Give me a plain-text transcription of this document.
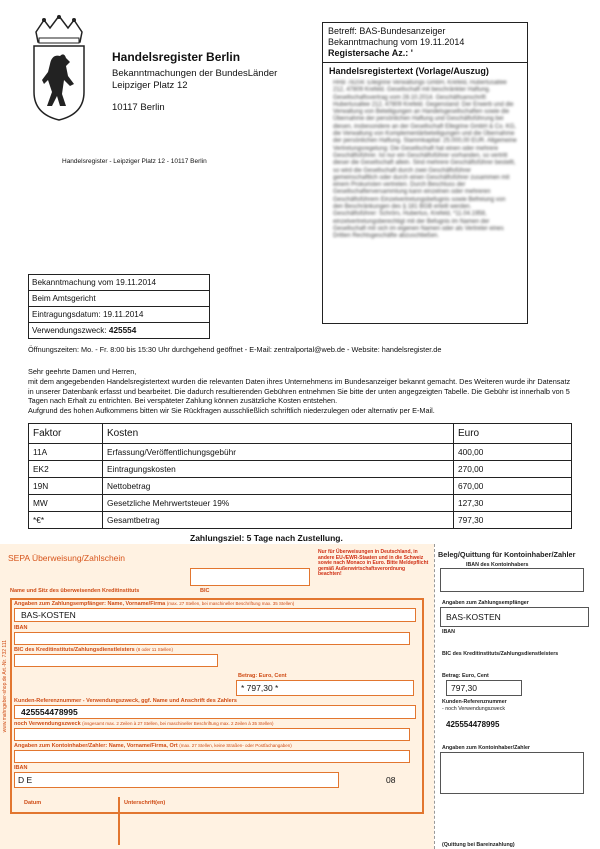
Handelsregister Berlin
Bekanntmachungen der BundesLänder
Leipziger Platz 12
10117 Berlin
Handelsregister - Leipziger Platz 12 - 10117 Berlin
Betreff: BAS-Bundesanzeiger
Bekanntmachung vom 19.11.2014
Registersache Az.: '
Handelsregistertext (Vorlage/Auszug)
HRB 78204: Ellegrine Verwaltungs GmbH, Krefeld, Hubertusallee 212, 47809 Krefeld. Gesellschaft mit beschränkter Haftung. Gesellschaftsvertrag vom 28.10.2014. Geschäftsanschrift: Hubertusallee 212, 47809 Krefeld. Gegenstand: Der Erwerb und die Verwaltung von Beteiligungen an Handelsgesellschaften sowie die Übernahme der persönlichen Haftung und Geschäftsführung bei diesen, insbesondere an der Gesellschaft Ellegrine GmbH & Co. KG, die Verwaltung von Komplementärbeteiligungen und die Übernahme der persönlichen Haftung. Stammkapital: 25.000,00 EUR. Allgemeine Vertretungsregelung: Die Gesellschaft hat einen oder mehrere Geschäftsführer. Ist nur ein Geschäftsführer vorhanden, so vertritt dieser die Gesellschaft allein. Sind mehrere Geschäftsführer bestellt, so wird die Gesellschaft durch zwei Geschäftsführer gemeinschaftlich oder durch einen Geschäftsführer zusammen mit einem Prokuristen vertreten. Durch Beschluss der Gesellschafterversammlung kann einzelnen oder mehreren Geschäftsführern Einzelvertretungsbefugnis sowie Befreiung von den Beschränkungen des § 181 BGB erteilt werden. Geschäftsführer: Schrörs, Hubertus, Krefeld, *11.04.1958, einzelvertretungsberechtigt mit der Befugnis im Namen der Gesellschaft mit sich im eigenen Namen oder als Vertreter eines Dritten Rechtsgeschäfte abzuschließen.
Bekanntmachung vom 19.11.2014
Beim Amtsgericht
Eintragungsdatum: 19.11.2014
Verwendungszweck: 425554
Öffnungszeiten: Mo. - Fr. 8:00 bis 15:30 Uhr durchgehend geöffnet - E-Mail: zentralportal@web.de - Website: handelsregister.de
Sehr geehrte Damen und Herren,
mit dem angegebenden Handelsregistertext wurden die relevanten Daten ihres Unternehmens im Bundesanzeiger bekannt gemacht. Des Weiteren wurde ihr Datensatz in unserer Datenbank erfasst und bearbeitet. Die dadurch resultierenden Gebühren entnehmen Sie bitte der unten angegzeigten Tabelle. Die Gebühr ist innerhalb von 5 Tagen nach Erhalt zu entrichten. Bei verspäteter Zahlung können zusätzliche Kosten entstehen.
Aufgrund des hohen Aufkommens bitten wir Sie Rückfragen ausschließlich schriftlich niederzulegen oder alternativ per E-Mail.
Faktor	Kosten	Euro
11A	Erfassung/Veröffentlichungsgebühr	400,00
EK2	Eintragungskosten	270,00
19N	Nettobetrag	670,00
MW	Gesetzliche Mehrwertsteuer 19%	127,30
*€*	Gesamtbetrag	797,30
Zahlungsziel: 5 Tage nach Zustellung.
SEPA Überweisung/Zahlschein
Name und Sitz des überweisenden Kreditinstituts	BIC
Nur für Überweisungen in Deutschland, in andere EU-/EWR-Staaten und in die Schweiz sowie nach Monaco in Euro. Bitte Meldepflicht gemäß Außenwirtschaftsverordnung beachten!
www.mahngeber-shop.de Art.-Nr. 732 111
Angaben zum Zahlungsempfänger: Name, Vorname/Firma (max. 27 Stellen, bei maschineller Beschriftung max. 35 Stellen)
BAS-KOSTEN
IBAN
BIC des Kreditinstituts/Zahlungsdienstleisters (8 oder 11 Stellen)
Betrag: Euro, Cent
* 797,30 *
Kunden-Referenznummer - Verwendungszweck, ggf. Name und Anschrift des Zahlers
425554478995
noch Verwendungszweck (insgesamt max. 2 Zeilen à 27 Stellen, bei maschineller Beschriftung max. 2 Zeilen à 35 Stellen)
Angaben zum Kontoinhaber/Zahler: Name, Vorname/Firma, Ort (max. 27 Stellen, keine Straßen- oder Postfachangaben)
IBAN
D E	08
Datum	Unterschrift(en)
Beleg/Quittung für Kontoinhaber/Zahler
IBAN des Kontoinhabers
Angaben zum Zahlungsempfänger
BAS-KOSTEN
IBAN
BIC des Kreditinstituts/Zahlungsdienstleisters
Betrag: Euro, Cent
797,30
Kunden-Referenznummer
- noch Verwendungszweck
425554478995
Angaben zum Kontoinhaber/Zahler
(Quittung bei Bareinzahlung)
